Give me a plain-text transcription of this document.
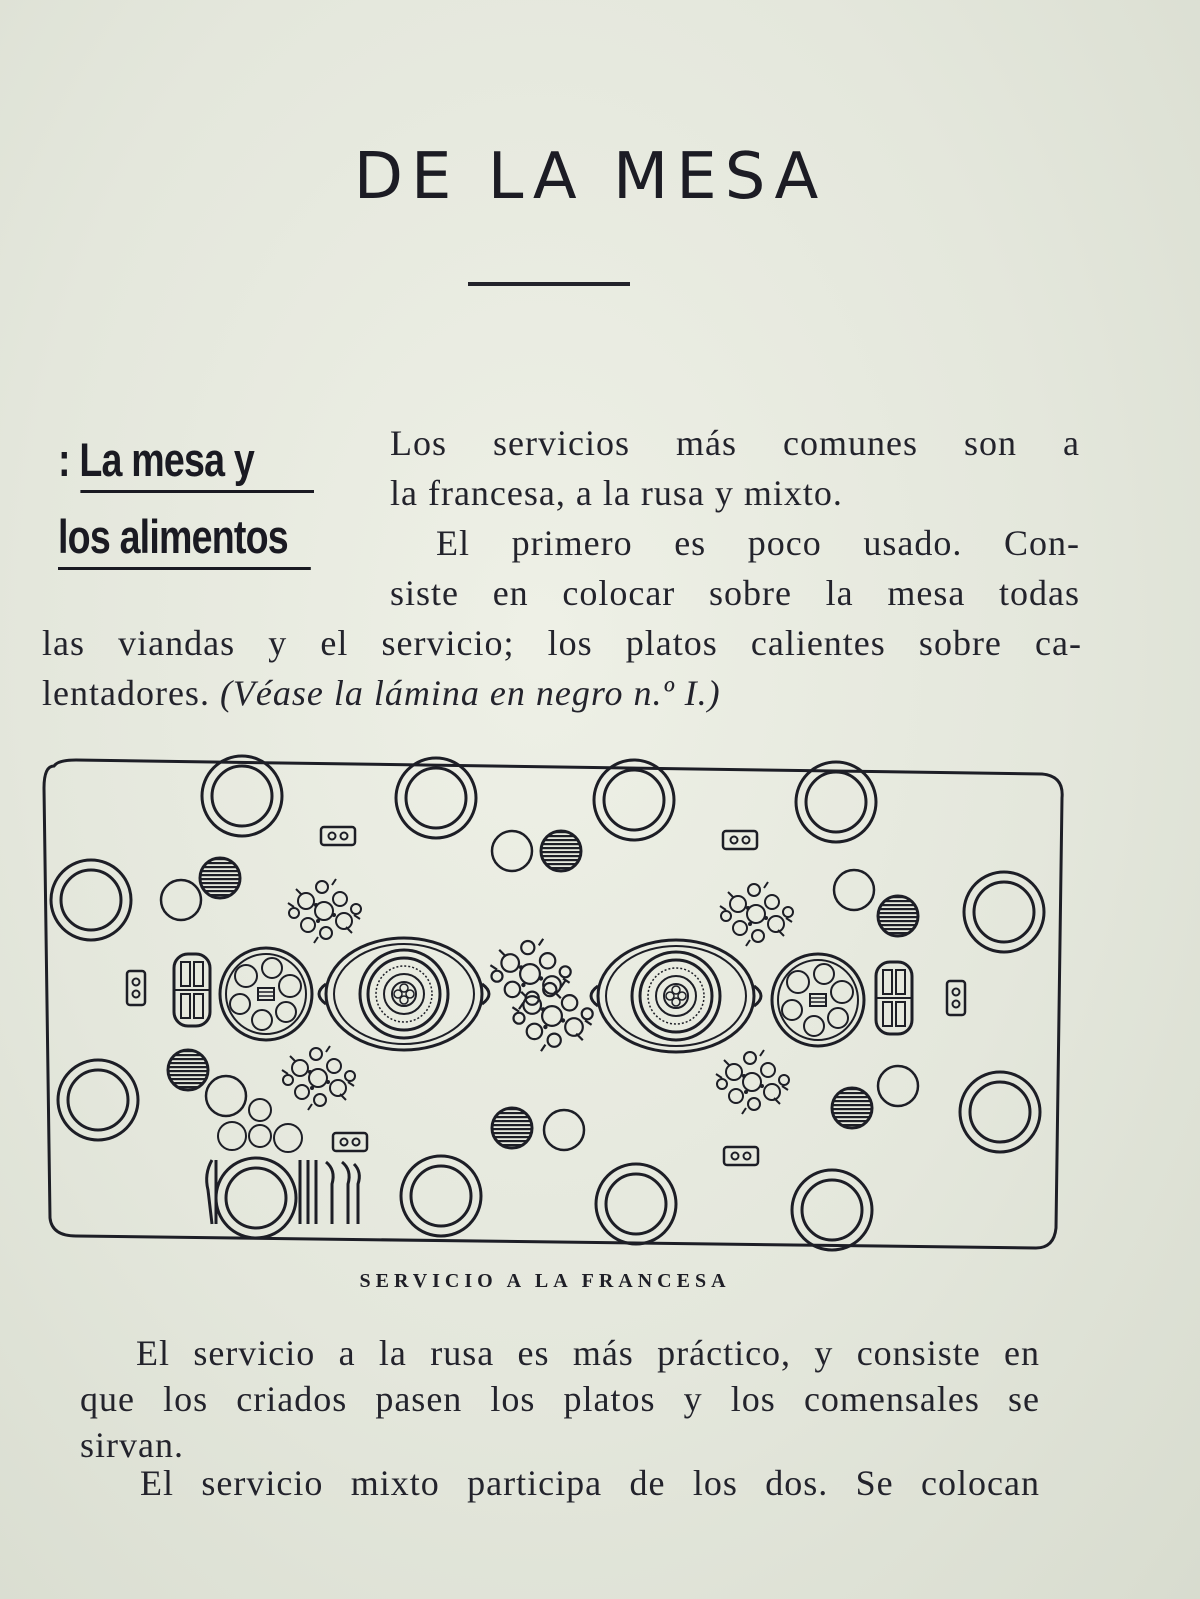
DE LA MESA
: La mesa y
los alimentos
Los servicios más comunes son a
la francesa, a la rusa y mixto.
El primero es poco usado. Con-
siste en colocar sobre la mesa todas
las viandas y el servicio; los platos calientes sobre ca-
lentadores. (Véase la lámina en negro n.º I.)
SERVICIO A LA FRANCESA
El servicio a la rusa es más práctico, y consiste en
que los criados pasen los platos y los comensales se
sirvan.
El servicio mixto participa de los dos. Se colocan
